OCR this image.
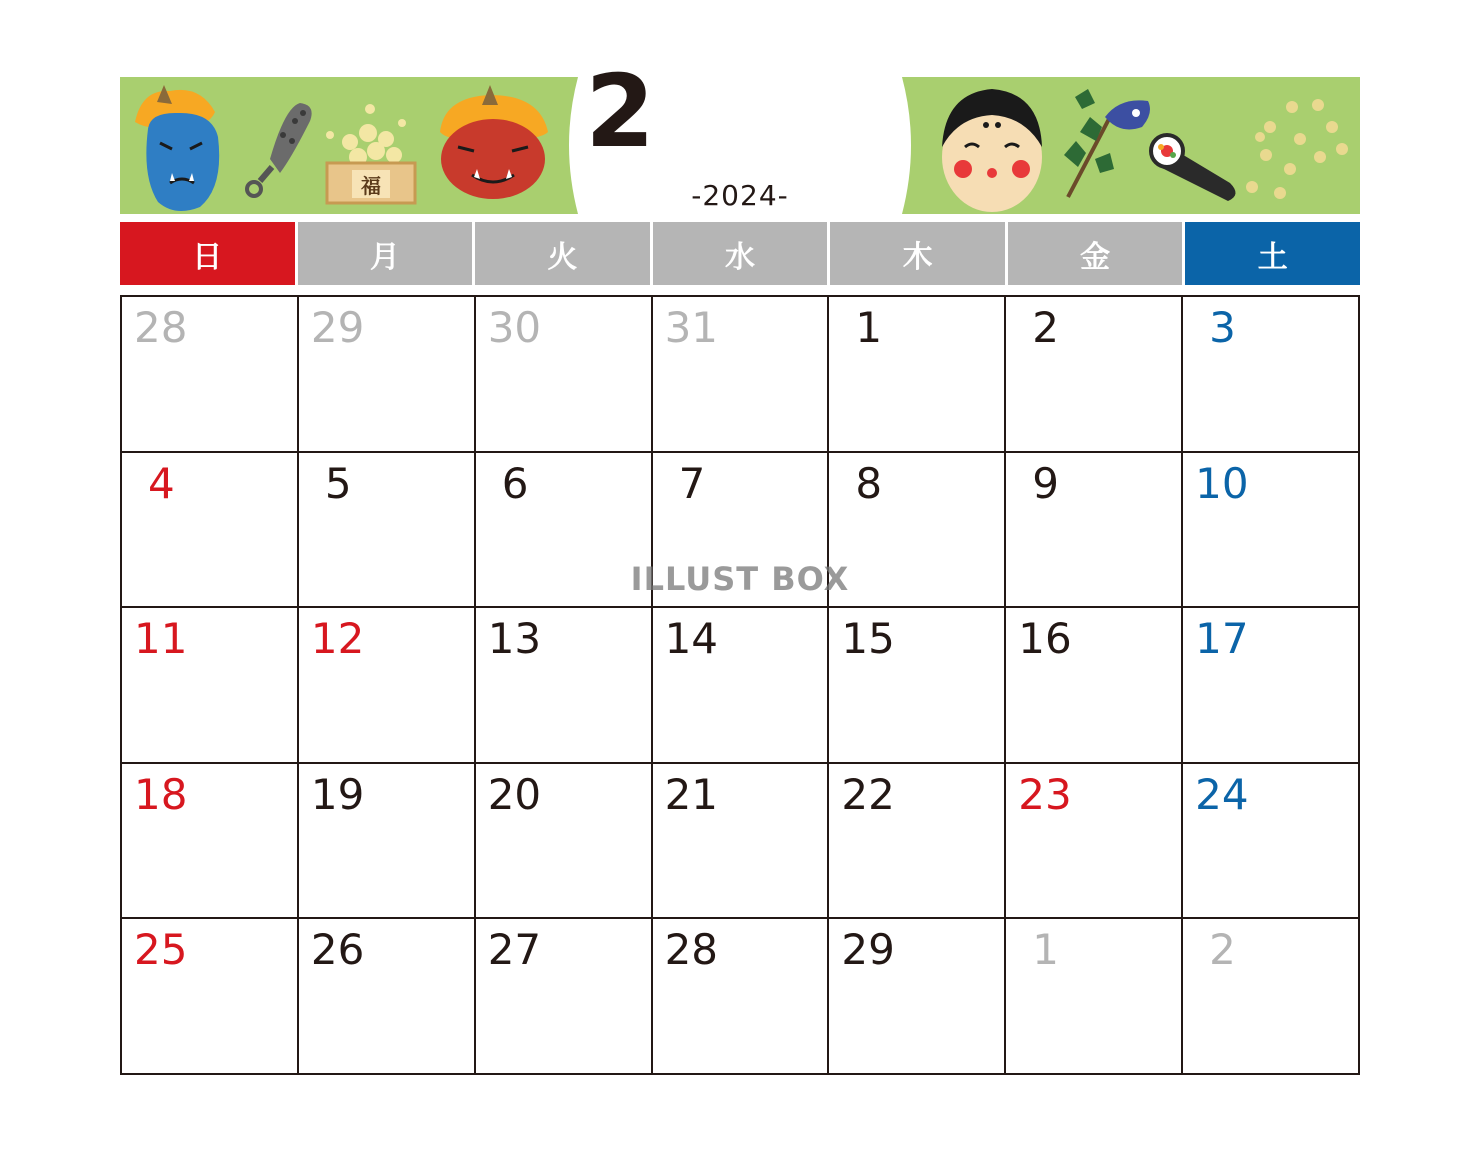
福
2
-2024-
日	月	火	水	木	金	土
28	29	30	31	1	2	3
4	5	6	7	8	9	10
11	12	13	14	15	16	17
18	19	20	21	22	23	24
25	26	27	28	29	1	2
ILLUST BOX
